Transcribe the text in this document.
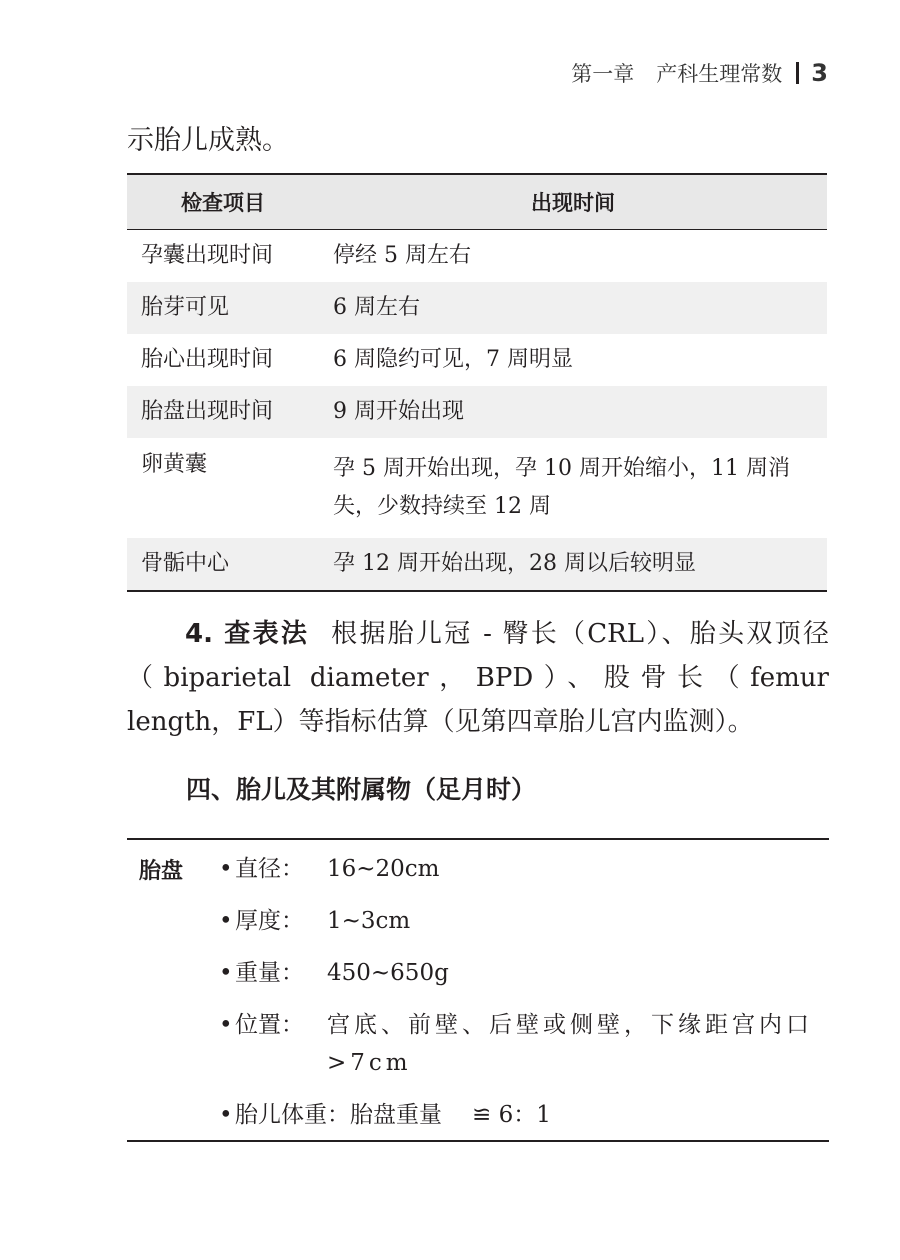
第一章 产科生理常数 3
示胎儿成熟。
检查项目	出现时间
孕囊出现时间	停经 5 周左右
胎芽可见	6 周左右
胎心出现时间	6 周隐约可见，7 周明显
胎盘出现时间	9 周开始出现
卵黄囊	孕 5 周开始出现，孕 10 周开始缩小，11 周消失，少数持续至 12 周
骨骺中心	孕 12 周开始出现，28 周以后较明显
4. 查表法 根据胎儿冠 - 臀长（CRL）、胎头双顶径（biparietal diameter，BPD）、股骨长（femur length，FL）等指标估算（见第四章胎儿宫内监测）。
四、胎儿及其附属物（足月时）
胎盘 • 直径：	16~20cm
• 厚度：	1~3cm
• 重量：	450~650g
• 位置：	宫底、前壁、后壁或侧壁，下缘距宫内口 >7cm
• 胎儿体重：胎盘重量 ≌ 6：1
